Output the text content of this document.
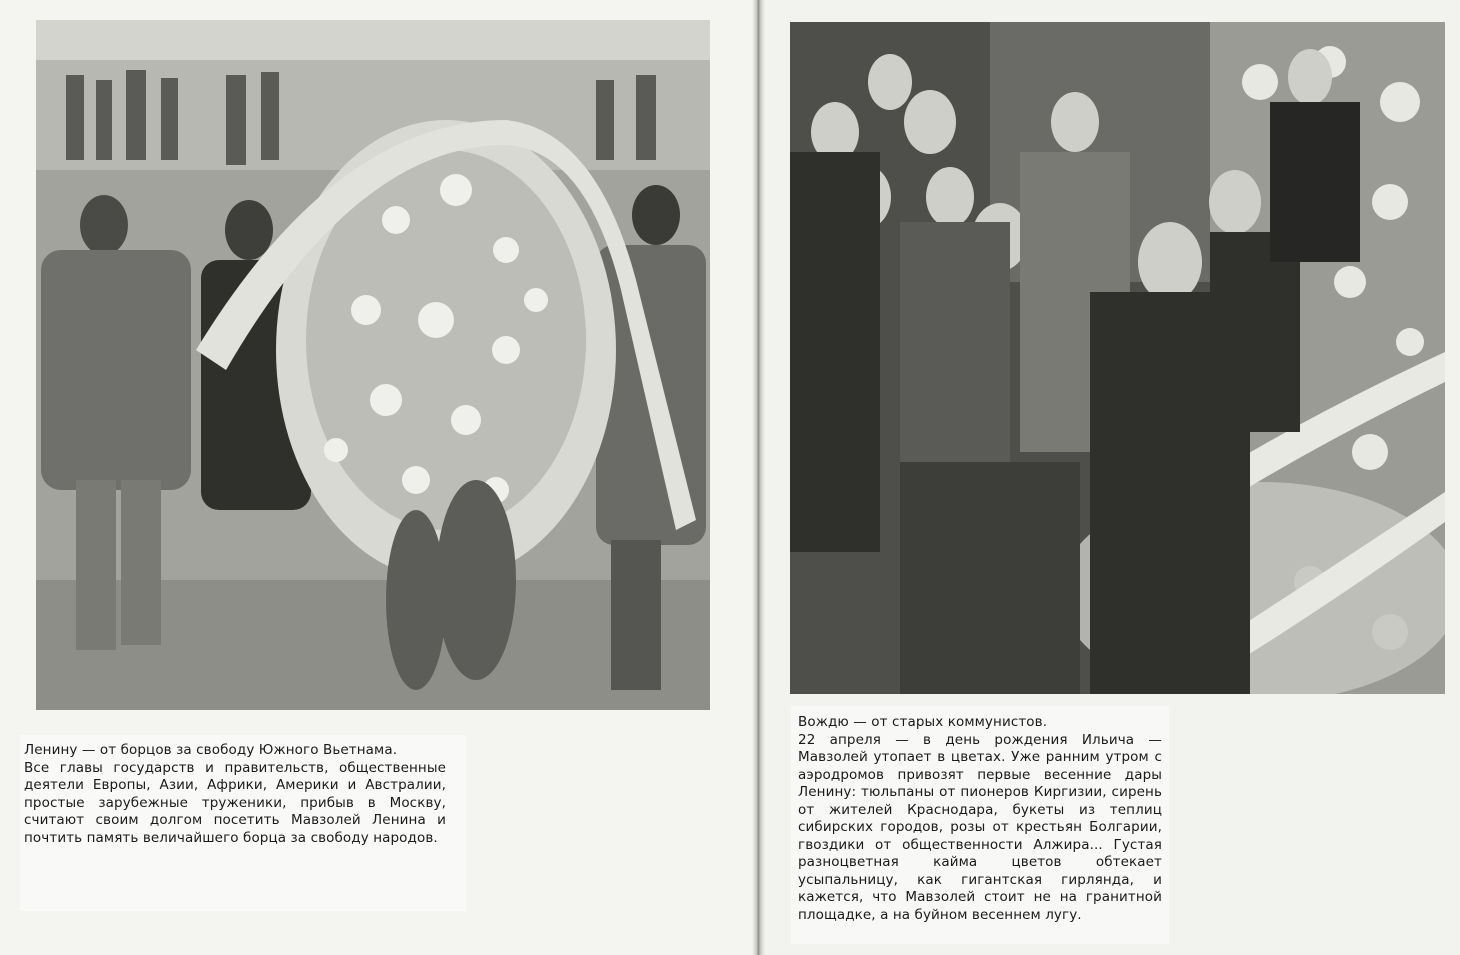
Ленину — от борцов за свободу Южного Вьетнама.

Все главы государств и правительств, общественные деятели Европы, Азии, Африки, Америки и Австралии, простые зарубежные труженики, прибыв в Москву, считают своим долгом посетить Мавзолей Ленина и почтить память величайшего борца за свободу народов.

Вождю — от старых коммунистов.

22 апреля — в день рождения Ильича — Мавзолей утопает в цветах. Уже ранним утром с аэродромов привозят первые весенние дары Ленину: тюльпаны от пионеров Киргизии, сирень от жителей Краснодара, букеты из теплиц сибирских городов, розы от крестьян Болгарии, гвоздики от общественности Алжира... Густая разноцветная кайма цветов обтекает усыпальницу, как гигантская гирлянда, и кажется, что Мавзолей стоит не на гранитной площадке, а на буйном весеннем лугу.
